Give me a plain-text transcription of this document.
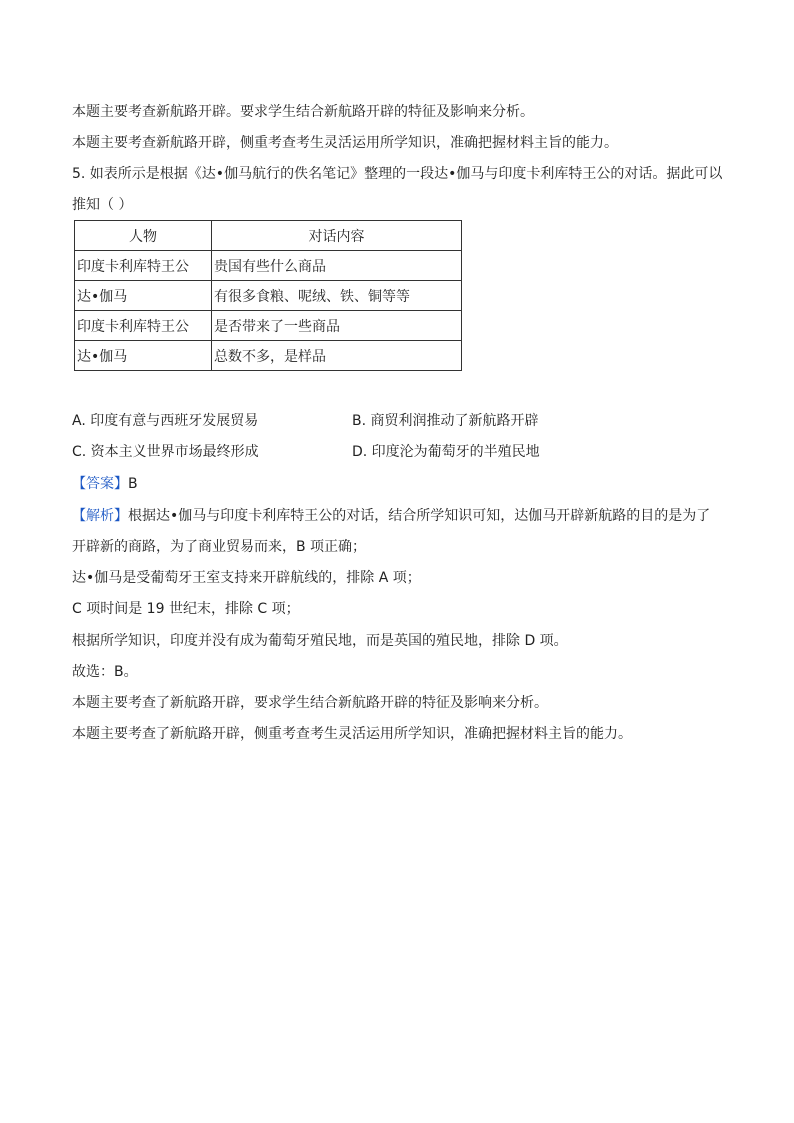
本题主要考查新航路开辟。要求学生结合新航路开辟的特征及影响来分析。
本题主要考查新航路开辟，侧重考查考生灵活运用所学知识，准确把握材料主旨的能力。
5. 如表所示是根据《达•伽马航行的佚名笔记》整理的一段达•伽马与印度卡利库特王公的对话。据此可以
推知（ ）
人物	对话内容
印度卡利库特王公	贵国有些什么商品
达•伽马	有很多食粮、呢绒、铁、铜等等
印度卡利库特王公	是否带来了一些商品
达•伽马	总数不多，是样品
A. 印度有意与西班牙发展贸易	B. 商贸利润推动了新航路开辟
C. 资本主义世界市场最终形成	D. 印度沦为葡萄牙的半殖民地
【答案】B
【解析】根据达•伽马与印度卡利库特王公的对话，结合所学知识可知，达伽马开辟新航路的目的是为了
开辟新的商路，为了商业贸易而来，B 项正确；
达•伽马是受葡萄牙王室支持来开辟航线的，排除 A 项；
C 项时间是 19 世纪末，排除 C 项；
根据所学知识，印度并没有成为葡萄牙殖民地，而是英国的殖民地，排除 D 项。
故选：B。
本题主要考查了新航路开辟，要求学生结合新航路开辟的特征及影响来分析。
本题主要考查了新航路开辟，侧重考查考生灵活运用所学知识，准确把握材料主旨的能力。
